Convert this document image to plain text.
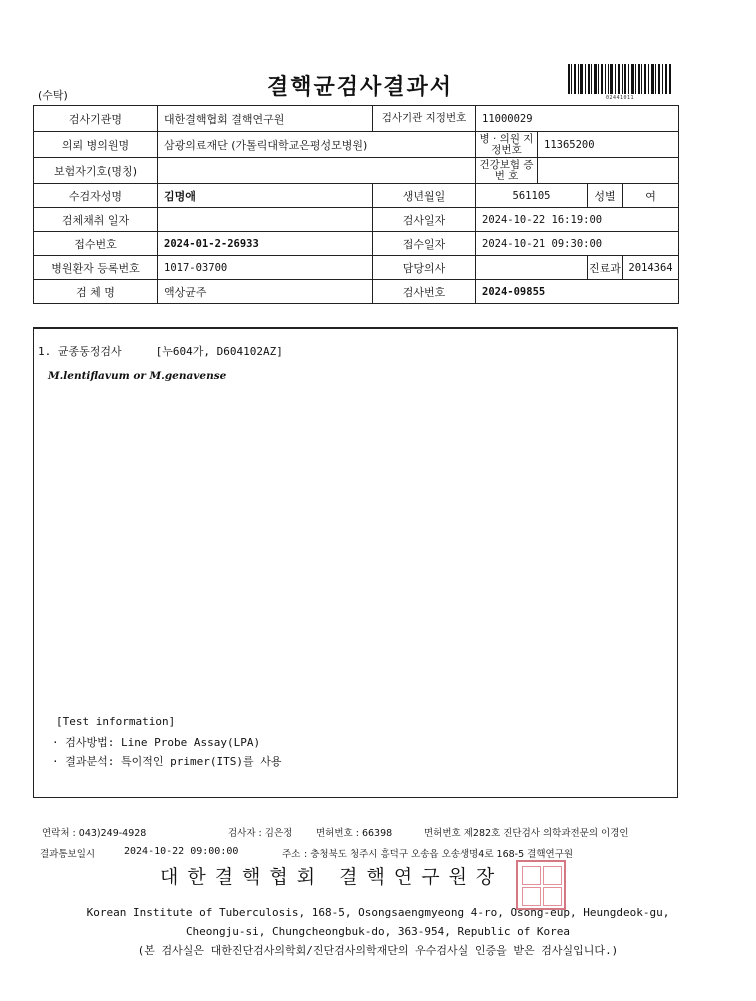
(수탁)	결핵균검사결과서	02441011
검사기관명	대한결핵협회 결핵연구원	검사기관 지정번호	11000029			
의뢰 병의원명	삼광의료재단 (가톨릭대학교은평성모병원)		병 · 의원 지정번호	11365200		
보험자기호(명칭)			건강보험 증 번 호			
수검자성명	김명애	생년월일	561105		성별	여
검체채취 일자		검사일자	2024-10-22 16:19:00			
접수번호	2024-01-2-26933	접수일자	2024-10-21 09:30:00			
병원환자 등록번호	1017-03700	담당의사			진료과	2014364
검 체 명	액상균주	검사번호	2024-09855			
1. 균종동정검사	[누604가, D604102AZ]
M.lentiflavum or M.genavense
[Test information]
· 검사방법: Line Probe Assay(LPA)
· 결과분석: 특이적인 primer(ITS)를 사용
연락처 : 043)249-4928	검사자 : 김은정 면허번호 : 66398	면허번호 제282호 진단검사 의학과전문의 이경인
결과통보일시	2024-10-22 09:00:00	주소 : 충청북도 청주시 흥덕구 오송읍 오송생명4로 168-5 결핵연구원
대한결핵협회 결핵연구원장
Korean Institute of Tuberculosis, 168-5, Osongsaengmyeong 4-ro, Osong-eup, Heungdeok-gu,
Cheongju-si, Chungcheongbuk-do, 363-954, Republic of Korea
(본 검사실은 대한진단검사의학회/진단검사의학재단의 우수검사실 인증을 받은 검사실입니다.)
